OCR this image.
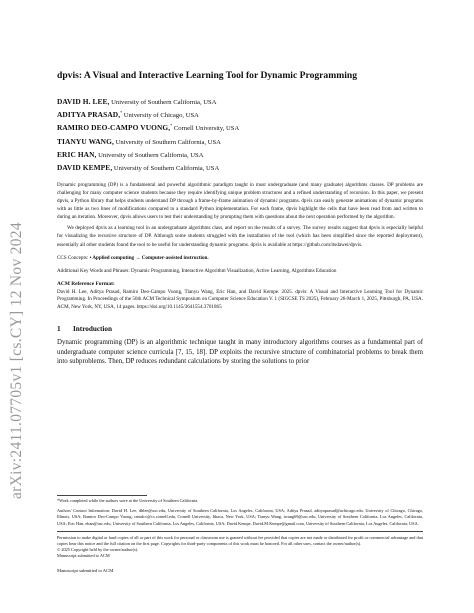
arXiv:2411.07705v1 [cs.CY] 12 Nov 2024
dpvis: A Visual and Interactive Learning Tool for Dynamic Programming
DAVID H. LEE, University of Southern California, USA
ADITYA PRASAD,* University of Chicago, USA
RAMIRO DEO-CAMPO VUONG,* Cornell University, USA
TIANYU WANG, University of Southern California, USA
ERIC HAN, University of Southern California, USA
DAVID KEMPE, University of Southern California, USA

Dynamic programming (DP) is a fundamental and powerful algorithmic paradigm taught in most undergraduate (and many graduate) algorithms classes. DP problems are challenging for many computer science students because they require identifying unique problem structures and a refined understanding of recursion. In this paper, we present dpvis, a Python library that helps students understand DP through a frame-by-frame animation of dynamic programs. dpvis can easily generate animations of dynamic programs with as little as two lines of modifications compared to a standard Python implementation. For each frame, dpvis highlight the cells that have been read from and written to during an iteration. Moreover, dpvis allows users to test their understanding by prompting them with questions about the next operation performed by the algorithm.

We deployed dpvis as a learning tool in an undergraduate algorithms class, and report on the results of a survey. The survey results suggest that dpvis is especially helpful for visualizing the recursive structure of DP. Although some students struggled with the installation of the tool (which has been simplified since the reported deployment), essentially all other students found the tool to be useful for understanding dynamic programs. dpvis is available at https://github.com/itsdawei/dpvis.

CCS Concepts: • Applied computing → Computer-assisted instruction.
Additional Key Words and Phrases: Dynamic Programming, Interactive Algorithm Visualization, Active Learning, Algorithms Education
ACM Reference Format:
David H. Lee, Aditya Prasad, Ramiro Deo-Campo Vuong, Tianyu Wang, Eric Han, and David Kempe. 2025. dpvis: A Visual and Interactive Learning Tool for Dynamic Programming. In Proceedings of the 56th ACM Technical Symposium on Computer Science Education V. 1 (SIGCSE TS 2025), February 26-March 1, 2025, Pittsburgh, PA, USA. ACM, New York, NY, USA, 14 pages. https://doi.org/10.1145/3641554.3701865
1 Introduction
Dynamic programming (DP) is an algorithmic technique taught in many introductory algorithms courses as a fundamental part of undergraduate computer science curricula [7, 15, 18]. DP exploits the recursive structure of combinatorial problems to break them into subproblems. Then, DP reduces redundant calculations by storing the solutions to prior
*Work completed while the authors were at the University of Southern California.
Authors' Contact Information: David H. Lee, dhlee@usc.edu, University of Southern California, Los Angeles, California, USA; Aditya Prasad, adityaprasad@uchicago.edu, University of Chicago, Chicago, Illinois, USA; Ramiro Deo-Campo Vuong, ramdcv@cs.cornell.edu, Cornell University, Ithaca, New York, USA; Tianyu Wang, twang69@usc.edu, University of Southern California, Los Angeles, California, USA; Eric Han, ehan@usc.edu, University of Southern California, Los Angeles, California, USA; David Kempe, David.M.Kempe@gmail.com, University of Southern California, Los Angeles, California, USA.
Permission to make digital or hard copies of all or part of this work for personal or classroom use is granted without fee provided that copies are not made or distributed for profit or commercial advantage and that copies bear this notice and the full citation on the first page. Copyrights for third-party components of this work must be honored. For all other uses, contact the owner/author(s).
© 2025 Copyright held by the owner/author(s).
Manuscript submitted to ACM
Manuscript submitted to ACM
